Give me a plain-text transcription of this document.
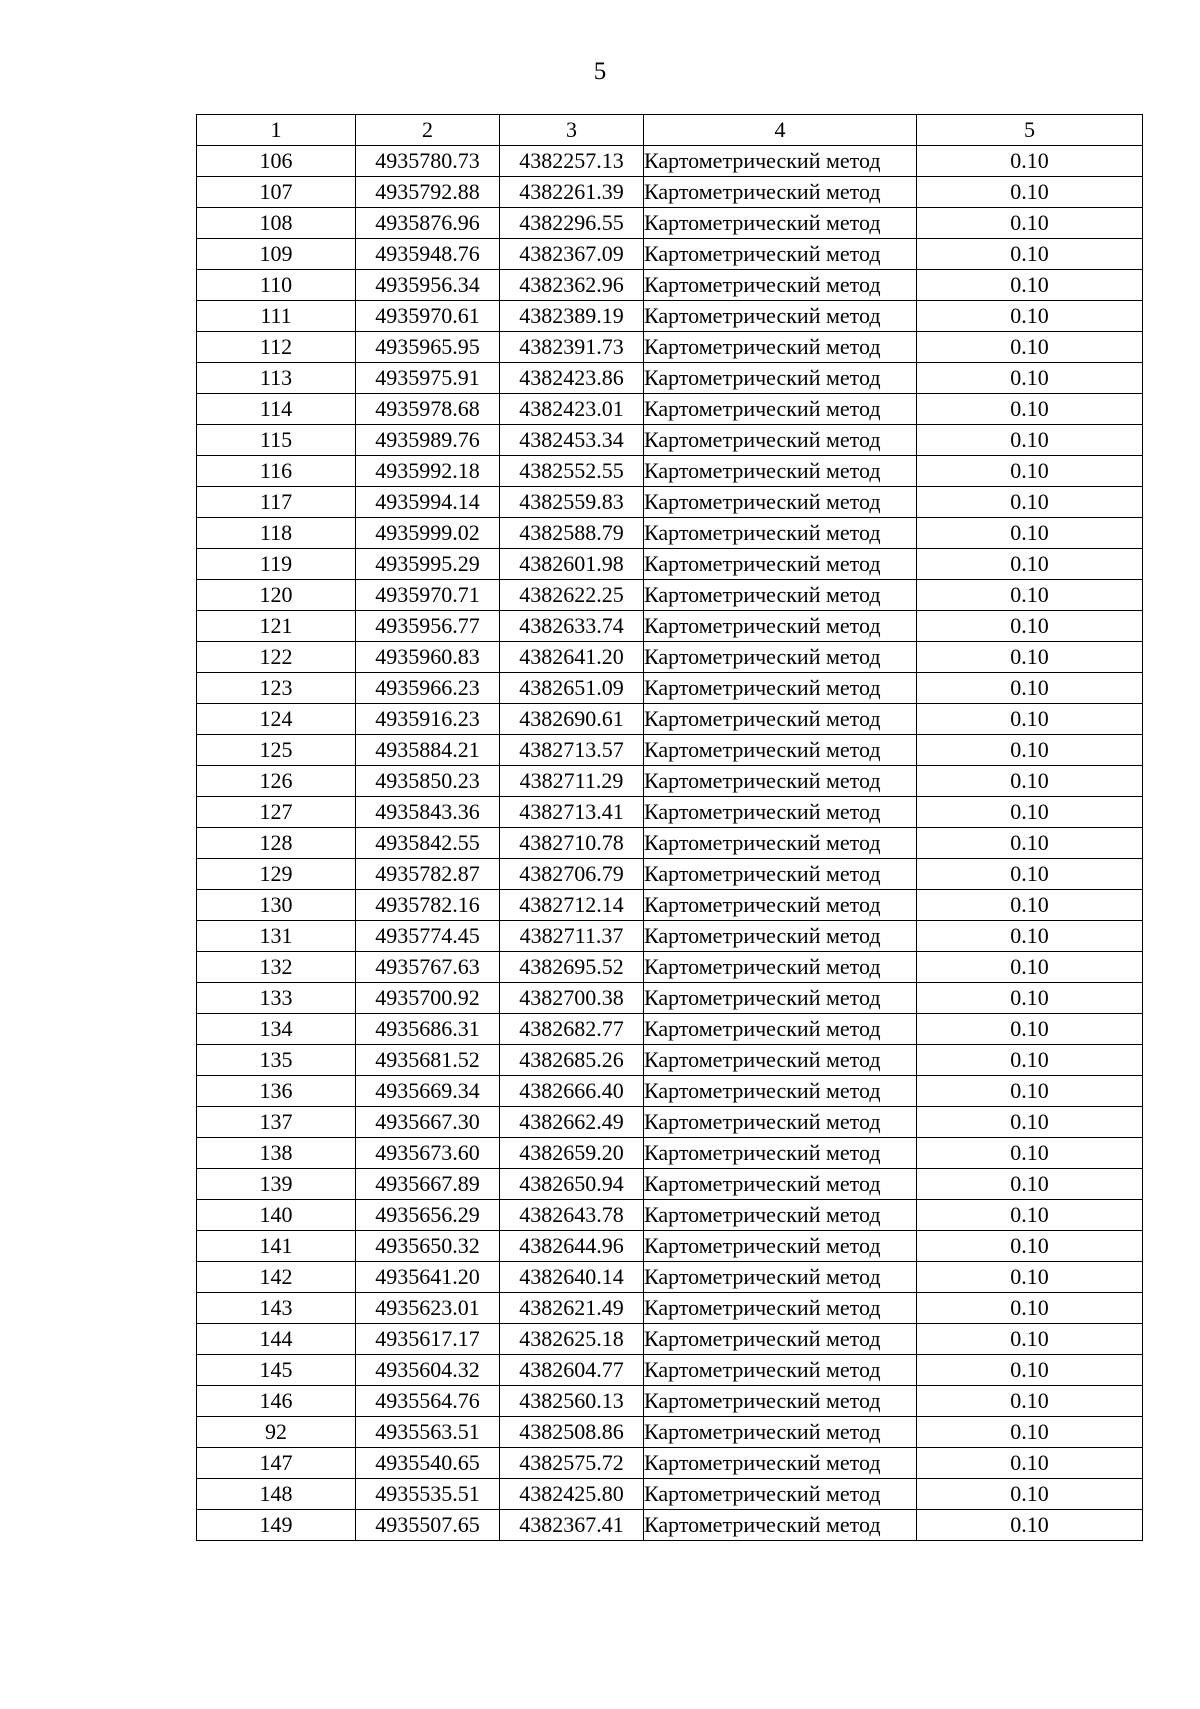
5
1	2	3	4	5
106	4935780.73	4382257.13	Картометрический метод	0.10
107	4935792.88	4382261.39	Картометрический метод	0.10
108	4935876.96	4382296.55	Картометрический метод	0.10
109	4935948.76	4382367.09	Картометрический метод	0.10
110	4935956.34	4382362.96	Картометрический метод	0.10
111	4935970.61	4382389.19	Картометрический метод	0.10
112	4935965.95	4382391.73	Картометрический метод	0.10
113	4935975.91	4382423.86	Картометрический метод	0.10
114	4935978.68	4382423.01	Картометрический метод	0.10
115	4935989.76	4382453.34	Картометрический метод	0.10
116	4935992.18	4382552.55	Картометрический метод	0.10
117	4935994.14	4382559.83	Картометрический метод	0.10
118	4935999.02	4382588.79	Картометрический метод	0.10
119	4935995.29	4382601.98	Картометрический метод	0.10
120	4935970.71	4382622.25	Картометрический метод	0.10
121	4935956.77	4382633.74	Картометрический метод	0.10
122	4935960.83	4382641.20	Картометрический метод	0.10
123	4935966.23	4382651.09	Картометрический метод	0.10
124	4935916.23	4382690.61	Картометрический метод	0.10
125	4935884.21	4382713.57	Картометрический метод	0.10
126	4935850.23	4382711.29	Картометрический метод	0.10
127	4935843.36	4382713.41	Картометрический метод	0.10
128	4935842.55	4382710.78	Картометрический метод	0.10
129	4935782.87	4382706.79	Картометрический метод	0.10
130	4935782.16	4382712.14	Картометрический метод	0.10
131	4935774.45	4382711.37	Картометрический метод	0.10
132	4935767.63	4382695.52	Картометрический метод	0.10
133	4935700.92	4382700.38	Картометрический метод	0.10
134	4935686.31	4382682.77	Картометрический метод	0.10
135	4935681.52	4382685.26	Картометрический метод	0.10
136	4935669.34	4382666.40	Картометрический метод	0.10
137	4935667.30	4382662.49	Картометрический метод	0.10
138	4935673.60	4382659.20	Картометрический метод	0.10
139	4935667.89	4382650.94	Картометрический метод	0.10
140	4935656.29	4382643.78	Картометрический метод	0.10
141	4935650.32	4382644.96	Картометрический метод	0.10
142	4935641.20	4382640.14	Картометрический метод	0.10
143	4935623.01	4382621.49	Картометрический метод	0.10
144	4935617.17	4382625.18	Картометрический метод	0.10
145	4935604.32	4382604.77	Картометрический метод	0.10
146	4935564.76	4382560.13	Картометрический метод	0.10
92	4935563.51	4382508.86	Картометрический метод	0.10
147	4935540.65	4382575.72	Картометрический метод	0.10
148	4935535.51	4382425.80	Картометрический метод	0.10
149	4935507.65	4382367.41	Картометрический метод	0.10
